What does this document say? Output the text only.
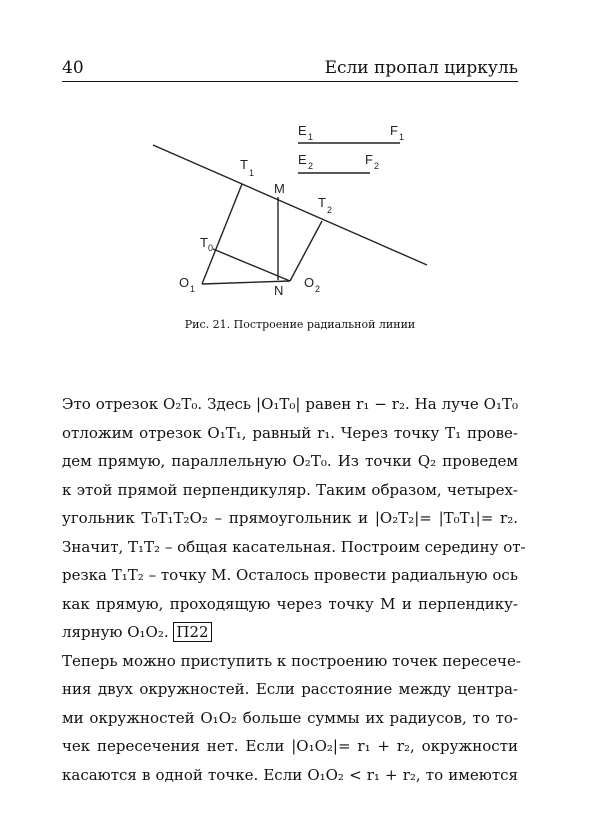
40	Если пропал циркуль
E 1	F 1
E 2	F 2
T
1
M
T 2
T 0
O 1	N
O 2
Рис. 21. Построение радиальной линии
Это отрезок O₂T₀. Здесь |O₁T₀| равен r₁ − r₂. На луче O₁T₀
отложим отрезок O₁T₁, равный r₁. Через точку T₁ прове-
дем прямую, параллельную O₂T₀. Из точки Q₂ проведем
к этой прямой перпендикуляр. Таким образом, четырех-
угольник T₀T₁T₂O₂ – прямоугольник и |O₂T₂|= |T₀T₁|= r₂.
Значит, T₁T₂ – общая касательная. Построим середину от-
резка T₁T₂ – точку M. Осталось провести радиальную ось
как прямую, проходящую через точку M и перпендику-
лярную O₁O₂. П22
Теперь можно приступить к построению точек пересече-
ния двух окружностей. Если расстояние между центра-
ми окружностей O₁O₂ больше суммы их радиусов, то то-
чек пересечения нет. Если |O₁O₂|= r₁ + r₂, окружности
касаются в одной точке. Если O₁O₂ < r₁ + r₂, то имеются
